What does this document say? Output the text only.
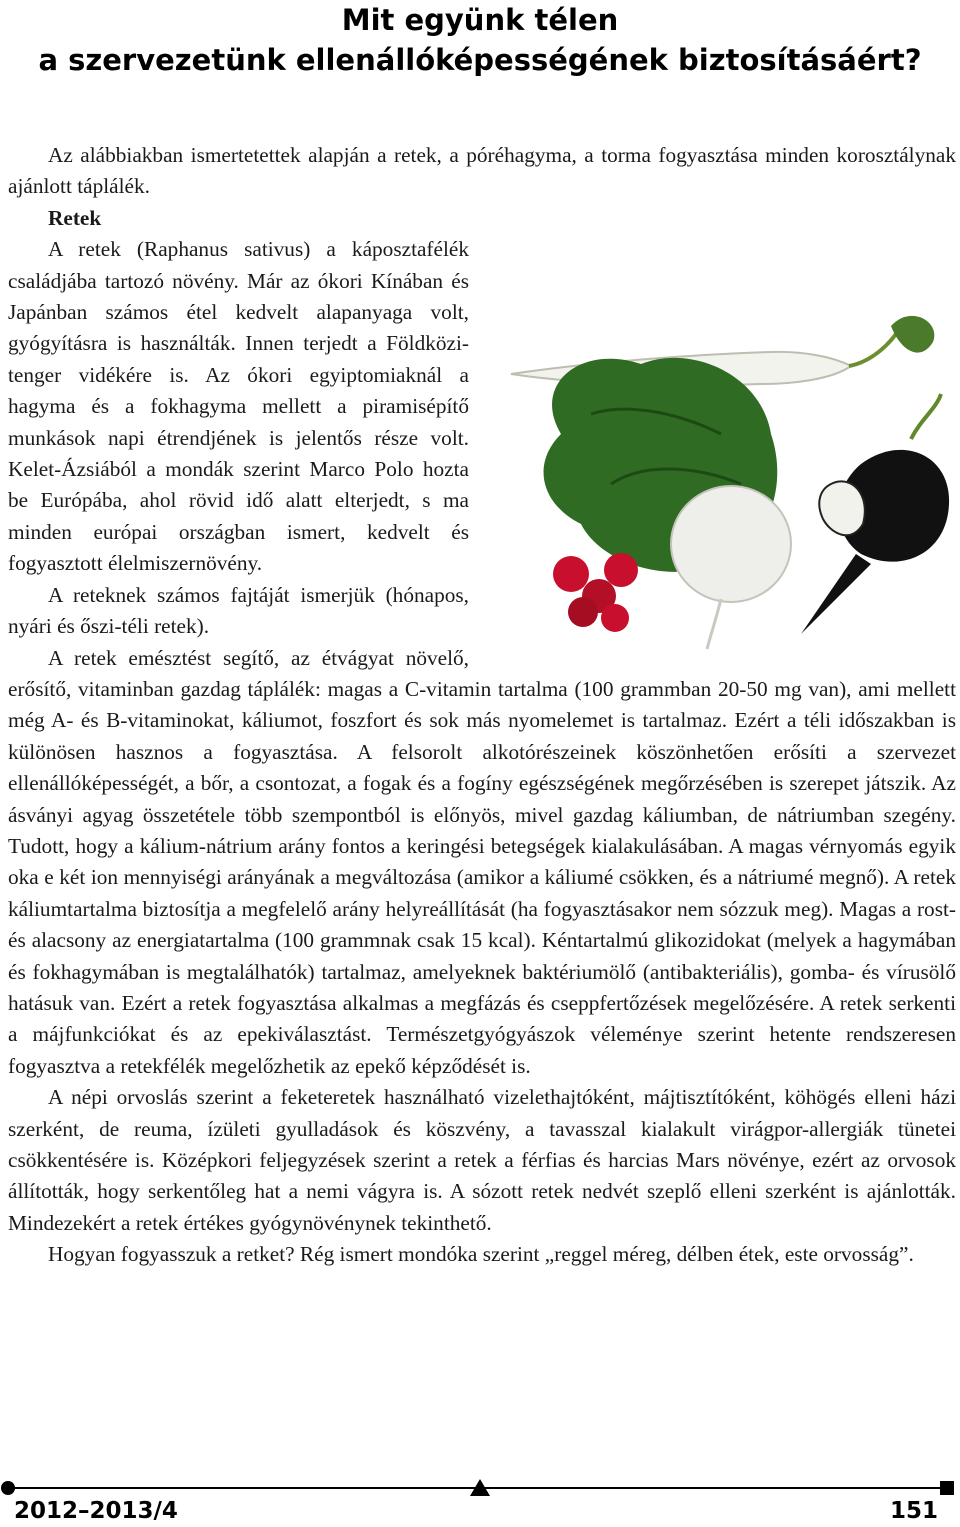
Mit együnk télen
a szervezetünk ellenállóképességének biztosításáért?

Az alábbiakban ismertetettek alapján a retek, a póréhagyma, a torma fogyasztása minden korosztálynak ajánlott táplálék.

Retek

A retek (Raphanus sativus) a káposztafélék családjába tartozó növény. Már az ókori Kínában és Japánban számos étel kedvelt alapanyaga volt, gyógyításra is használták. Innen terjedt a Földközi-tenger vidékére is. Az ókori egyiptomiaknál a hagyma és a fokhagyma mellett a piramisépítő munkások napi étrendjének is jelentős része volt. Kelet-Ázsiából a mondák szerint Marco Polo hozta be Európába, ahol rövid idő alatt elterjedt, s ma minden európai országban ismert, kedvelt és fogyasztott élelmiszernövény.

A reteknek számos fajtáját ismerjük (hónapos, nyári és őszi-téli retek).

A retek emésztést segítő, az étvágyat növelő, erősítő, vitaminban gazdag táplálék: magas a C-vitamin tartalma (100 grammban 20-50 mg van), ami mellett még A- és B-vitaminokat, káliumot, foszfort és sok más nyomelemet is tartalmaz. Ezért a téli időszakban is különösen hasznos a fogyasztása. A felsorolt alkotórészeinek köszönhetően erősíti a szervezet ellenállóképességét, a bőr, a csontozat, a fogak és a fogíny egészségének megőrzésében is szerepet játszik. Az ásványi agyag összetétele több szempontból is előnyös, mivel gazdag káliumban, de nátriumban szegény. Tudott, hogy a kálium-nátrium arány fontos a keringési betegségek kialakulásában. A magas vérnyomás egyik oka e két ion mennyiségi arányának a megváltozása (amikor a káliumé csökken, és a nátriumé megnő). A retek káliumtartalma biztosítja a megfelelő arány helyreállítását (ha fogyasztásakor nem sózzuk meg). Magas a rost- és alacsony az energiatartalma (100 grammnak csak 15 kcal). Kéntartalmú glikozidokat (melyek a hagymában és fokhagymában is megtalálhatók) tartalmaz, amelyeknek baktériumölő (antibakteriális), gomba- és vírusölő hatásuk van. Ezért a retek fogyasztása alkalmas a megfázás és cseppfertőzések megelőzésére. A retek serkenti a májfunkciókat és az epekiválasztást. Természetgyógyászok véleménye szerint hetente rendszeresen fogyasztva a retekfélék megelőzhetik az epekő képződését is.

A népi orvoslás szerint a feketeretek használható vizelethajtóként, májtisztítóként, köhögés elleni házi szerként, de reuma, ízületi gyulladások és köszvény, a tavasszal kialakult virágpor-allergiák tünetei csökkentésére is. Középkori feljegyzések szerint a retek a férfias és harcias Mars növénye, ezért az orvosok állították, hogy serkentőleg hat a nemi vágyra is. A sózott retek nedvét szeplő elleni szerként is ajánlották. Mindezekért a retek értékes gyógynövénynek tekinthető.

Hogyan fogyasszuk a retket? Rég ismert mondóka szerint „reggel méreg, délben étek, este orvosság”.

2012–2013/4	151
